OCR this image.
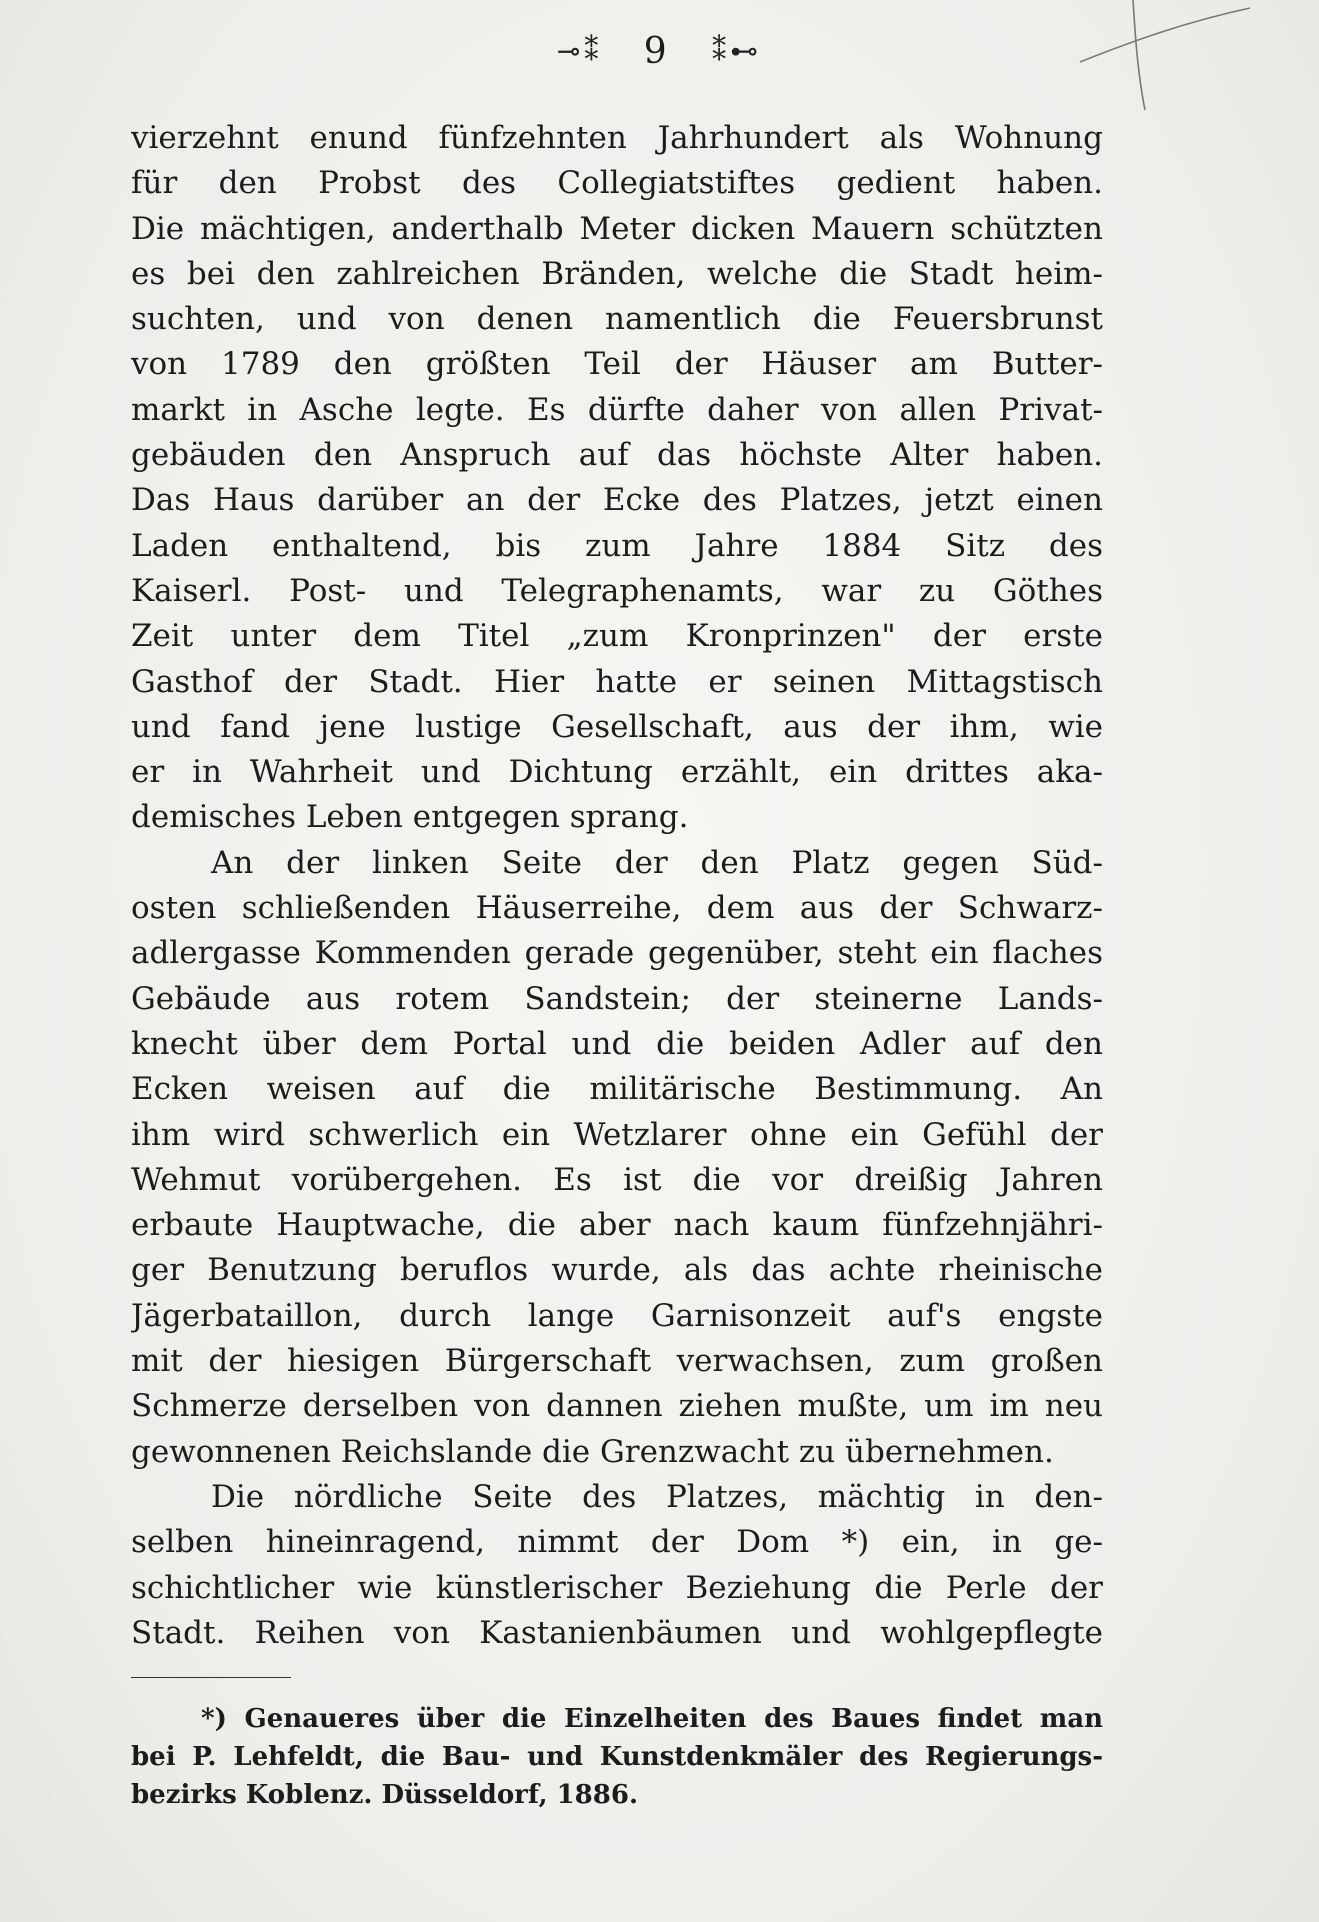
⊸⁑ 9 ⁑⊷
vierzehnt enund fünfzehnten Jahrhundert als Wohnung
für den Probst des Collegiatstiftes gedient haben.
Die mächtigen, anderthalb Meter dicken Mauern schützten
es bei den zahlreichen Bränden, welche die Stadt heim-
suchten, und von denen namentlich die Feuersbrunst
von 1789 den größten Teil der Häuser am Butter-
markt in Asche legte. Es dürfte daher von allen Privat-
gebäuden den Anspruch auf das höchste Alter haben.
Das Haus darüber an der Ecke des Platzes, jetzt einen
Laden enthaltend, bis zum Jahre 1884 Sitz des
Kaiserl. Post- und Telegraphenamts, war zu Göthes
Zeit unter dem Titel „zum Kronprinzen" der erste
Gasthof der Stadt. Hier hatte er seinen Mittagstisch
und fand jene lustige Gesellschaft, aus der ihm, wie
er in Wahrheit und Dichtung erzählt, ein drittes aka-
demisches Leben entgegen sprang.
An der linken Seite der den Platz gegen Süd-
osten schließenden Häuserreihe, dem aus der Schwarz-
adlergasse Kommenden gerade gegenüber, steht ein flaches
Gebäude aus rotem Sandstein; der steinerne Lands-
knecht über dem Portal und die beiden Adler auf den
Ecken weisen auf die militärische Bestimmung. An
ihm wird schwerlich ein Wetzlarer ohne ein Gefühl der
Wehmut vorübergehen. Es ist die vor dreißig Jahren
erbaute Hauptwache, die aber nach kaum fünfzehnjähri-
ger Benutzung beruflos wurde, als das achte rheinische
Jägerbataillon, durch lange Garnisonzeit auf's engste
mit der hiesigen Bürgerschaft verwachsen, zum großen
Schmerze derselben von dannen ziehen mußte, um im neu
gewonnenen Reichslande die Grenzwacht zu übernehmen.
Die nördliche Seite des Platzes, mächtig in den-
selben hineinragend, nimmt der Dom *) ein, in ge-
schichtlicher wie künstlerischer Beziehung die Perle der
Stadt. Reihen von Kastanienbäumen und wohlgepflegte
*) Genaueres über die Einzelheiten des Baues findet man
bei P. Lehfeldt, die Bau- und Kunstdenkmäler des Regierungs-
bezirks Koblenz. Düsseldorf, 1886.
